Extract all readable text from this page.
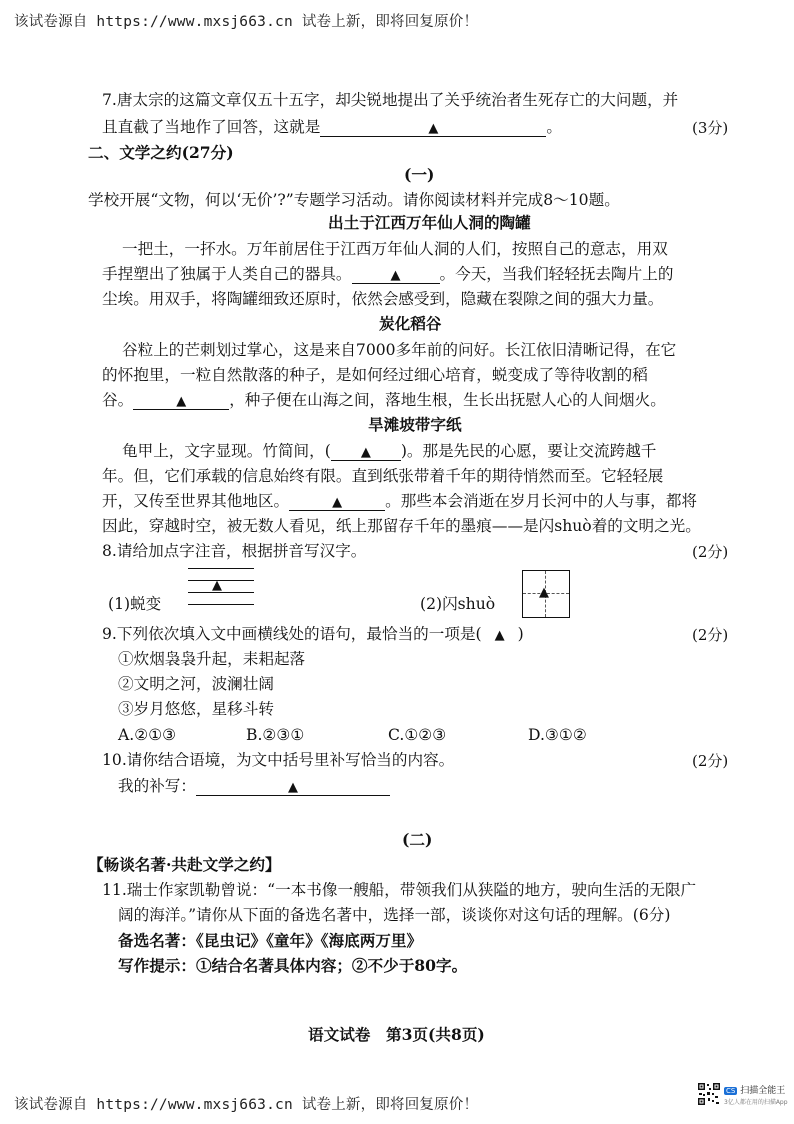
该试卷源自 https://www.mxsj663.cn 试卷上新，即将回复原价！
7.唐太宗的这篇文章仅五十五字，却尖锐地提出了关乎统治者生死存亡的大问题，并
且直截了当地作了回答，这就是	▲	。	(3分)
二、文学之约(27分)
(一)
学校开展“文物，何以‘无价’?”专题学习活动。请你阅读材料并完成8～10题。
出土于江西万年仙人洞的陶罐
一把土，一抔水。万年前居住于江西万年仙人洞的人们，按照自己的意志，用双
手捏塑出了独属于人类自己的器具。	▲	。今天，当我们轻轻抚去陶片上的
尘埃。用双手，将陶罐细致还原时，依然会感受到，隐藏在裂隙之间的强大力量。
炭化稻谷
谷粒上的芒刺划过掌心，这是来自7000多年前的问好。长江依旧清晰记得，在它
的怀抱里，一粒自然散落的种子，是如何经过细心培育，蜕变成了等待收割的稻
谷。	▲	，种子便在山海之间，落地生根，生长出抚慰人心的人间烟火。
旱滩坡带字纸
龟甲上，文字显现。竹简间，( ▲ )。那是先民的心愿，要让交流跨越千
年。但，它们承载的信息始终有限。直到纸张带着千年的期待悄然而至。它轻轻展
开，又传至世界其他地区。	▲	。那些本会消逝在岁月长河中的人与事，都将
因此，穿越时空，被无数人看见，纸上那留存千年的墨痕——是闪shuò着的文明之光。
8.请给加点字注音，根据拼音写汉字。	(2分)
(1)蜕变
▲
(2)闪shuò
▲
9.下列依次填入文中画横线处的语句，最恰当的一项是( ▲ )	(2分)
①炊烟袅袅升起，耒耜起落
②文明之河，波澜壮阔
③岁月悠悠，星移斗转
A.②①③	B.②③①	C.①②③	D.③①②
10.请你结合语境，为文中括号里补写恰当的内容。	(2分)
我的补写：	▲
(二)
【畅谈名著·共赴文学之约】
11.瑞士作家凯勒曾说：“一本书像一艘船，带领我们从狭隘的地方，驶向生活的无限广
阔的海洋。”请你从下面的备选名著中，选择一部，谈谈你对这句话的理解。(6分)
备选名著：《昆虫记》《童年》《海底两万里》
写作提示：①结合名著具体内容；②不少于80字。
语文试卷　第3页(共8页)
该试卷源自 https://www.mxsj663.cn 试卷上新，即将回复原价！
CS 扫描全能王
3亿人都在用的扫描App
